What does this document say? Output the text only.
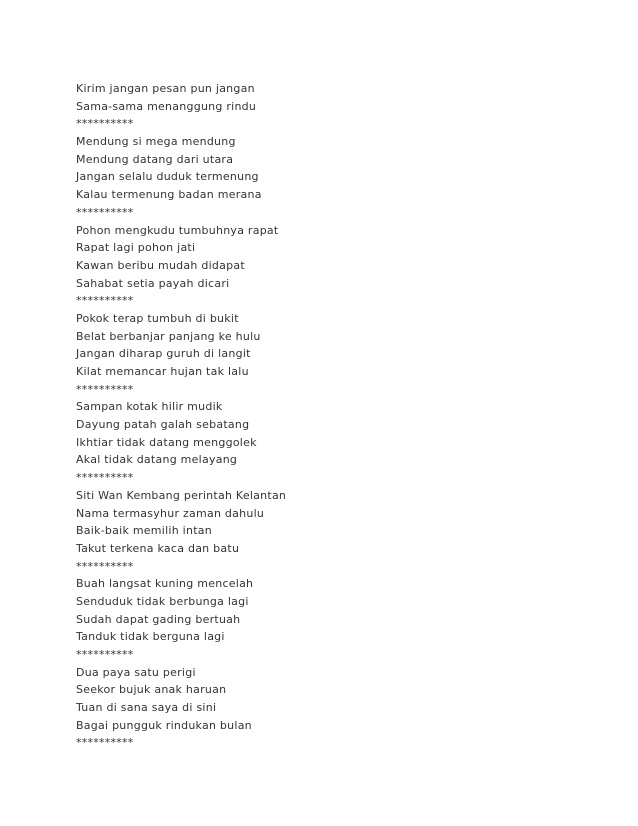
Kirim jangan pesan pun jangan
Sama-sama menanggung rindu
**********
Mendung si mega mendung
Mendung datang dari utara
Jangan selalu duduk termenung
Kalau termenung badan merana
**********
Pohon mengkudu tumbuhnya rapat
Rapat lagi pohon jati
Kawan beribu mudah didapat
Sahabat setia payah dicari
**********
Pokok terap tumbuh di bukit
Belat berbanjar panjang ke hulu
Jangan diharap guruh di langit
Kilat memancar hujan tak lalu
**********
Sampan kotak hilir mudik
Dayung patah galah sebatang
Ikhtiar tidak datang menggolek
Akal tidak datang melayang
**********
Siti Wan Kembang perintah Kelantan
Nama termasyhur zaman dahulu
Baik-baik memilih intan
Takut terkena kaca dan batu
**********
Buah langsat kuning mencelah
Senduduk tidak berbunga lagi
Sudah dapat gading bertuah
Tanduk tidak berguna lagi
**********
Dua paya satu perigi
Seekor bujuk anak haruan
Tuan di sana saya di sini
Bagai pungguk rindukan bulan
**********
